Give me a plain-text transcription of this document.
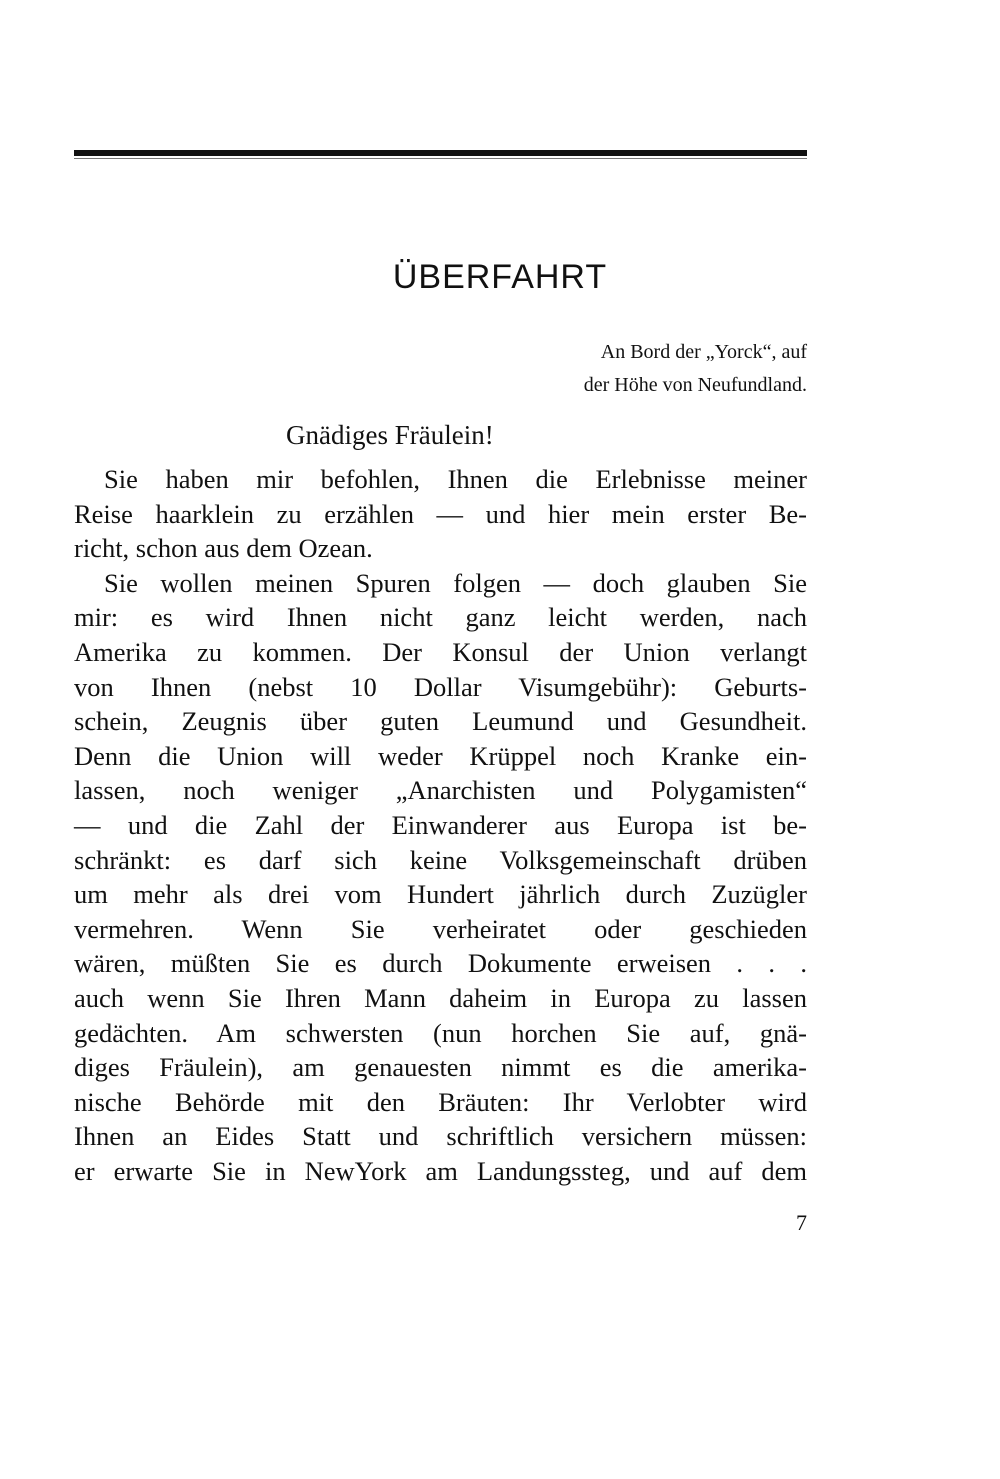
ÜBERFAHRT
An Bord der „Yorck“, auf
der Höhe von Neufundland.
Gnädiges Fräulein!
Sie haben mir befohlen, Ihnen die Erlebnisse meiner
Reise haarklein zu erzählen — und hier mein erster Be-
richt, schon aus dem Ozean.
Sie wollen meinen Spuren folgen — doch glauben Sie
mir: es wird Ihnen nicht ganz leicht werden, nach
Amerika zu kommen. Der Konsul der Union verlangt
von Ihnen (nebst 10 Dollar Visumgebühr): Geburts-
schein, Zeugnis über guten Leumund und Gesundheit.
Denn die Union will weder Krüppel noch Kranke ein-
lassen, noch weniger „Anarchisten und Polygamisten“
— und die Zahl der Einwanderer aus Europa ist be-
schränkt: es darf sich keine Volksgemeinschaft drüben
um mehr als drei vom Hundert jährlich durch Zuzügler
vermehren. Wenn Sie verheiratet oder geschieden
wären, müßten Sie es durch Dokumente erweisen . . .
auch wenn Sie Ihren Mann daheim in Europa zu lassen
gedächten. Am schwersten (nun horchen Sie auf, gnä-
diges Fräulein), am genauesten nimmt es die amerika-
nische Behörde mit den Bräuten: Ihr Verlobter wird
Ihnen an Eides Statt und schriftlich versichern müssen:
er erwarte Sie in NewYork am Landungssteg, und auf dem
7
